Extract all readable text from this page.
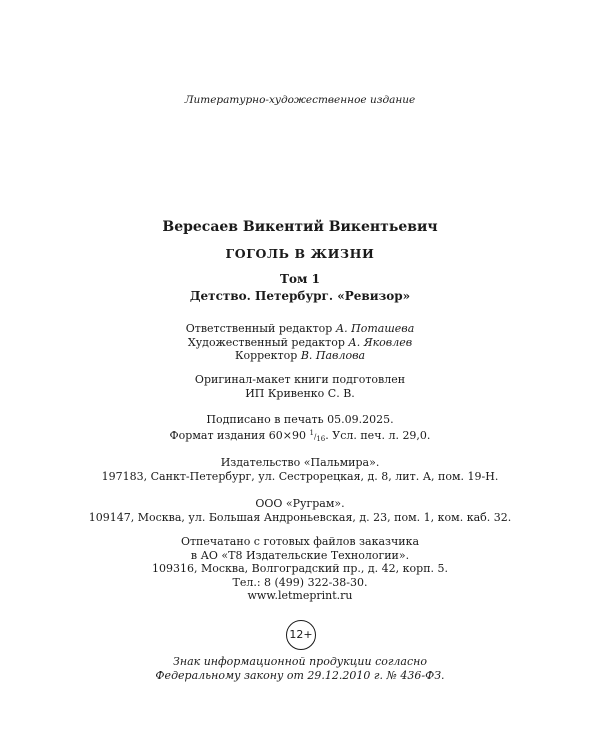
Литературно-художественное издание
Вересаев Викентий Викентьевич
ГОГОЛЬ В ЖИЗНИ
Том 1
Детство. Петербург. «Ревизор»
Ответственный редактор А. Поташева
Художественный редактор А. Яковлев
Корректор В. Павлова
Оригинал-макет книги подготовлен
ИП Кривенко С. В.
Подписано в печать 05.09.2025.
Формат издания 60×90 $^1/_{16}$. Усл. печ. л. 29,0.
Издательство «Пальмира».
197183, Санкт-Петербург, ул. Сестрорецкая, д. 8, лит. А, пом. 19-Н.
ООО «Руграм».
109147, Москва, ул. Большая Андроньевская, д. 23, пом. 1, ком. каб. 32.
Отпечатано с готовых файлов заказчика
в АО «Т8 Издательские Технологии».
109316, Москва, Волгоградский пр., д. 42, корп. 5.
Тел.: 8 (499) 322-38-30.
www.letmeprint.ru
12+
Знак информационной продукции согласно
Федеральному закону от 29.12.2010 г. № 436-ФЗ.
